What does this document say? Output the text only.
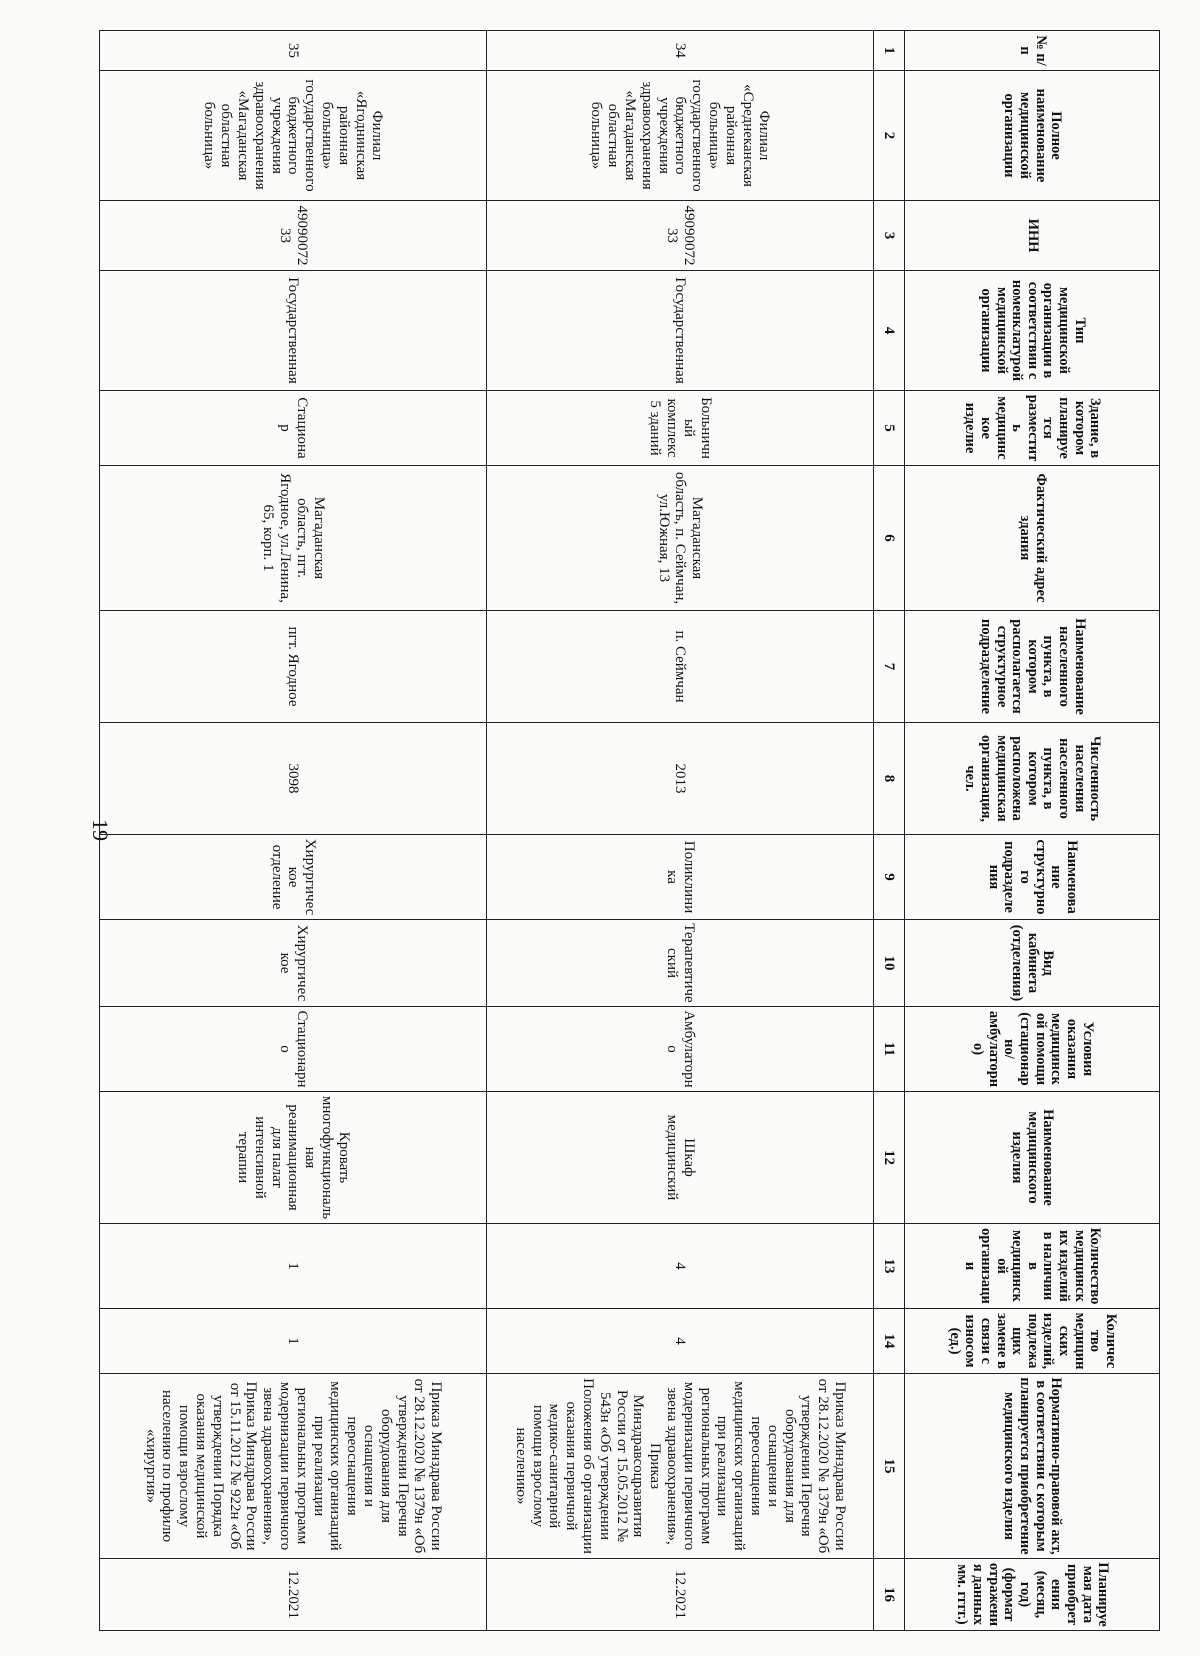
19
№ п/п	Полное наименование медицинской организации	ИНН	Тип медицинской организации в соответствии с номенклатурой медицинской организации	Здание, в котором планируется разместить медицинское изделие	Фактический адрес здания	Наименование населенного пункта, в котором располагается структурное подразделение	Численность населения населенного пункта, в котором расположена медицинская организация, чел.	Наименование структурного подразделения	Вид кабинета (отделения)	Условия оказания медицинской помощи (стационарно/ амбулаторно)	Наименование медицинского изделия	Количество медицинских изделий в наличии в медицинской организации	Количество медицинских изделий, подлежащих замене в связи с износом (ед.)	Нормативно-правовой акт, в соответствии с которым планируется приобретение медицинского изделия	Планируемая дата приобретения (месяц, год) (формат отражения данных мм. гггг.)
1	2	3	4	5	6	7	8	9	10	11	12	13	14	15	16
34	Филиал «Среднеканская районная больница» государственного бюджетного учреждения здравоохранения «Магаданская областная больница»	4909007233	Государственная	Больничный комплекс 5 зданий	Магаданская область, п. Сеймчан, ул.Южная, 13	п. Сеймчан	2013	Поликлиника	Терапевтический	Амбулаторно	Шкаф медицинский	4	4	Приказ Минздрава России от 28.12.2020 № 1379н «Об утверждении Перечня оборудования для оснащения и переоснащения медицинских организаций при реализации региональных программ модернизации первичного звена здравоохранения», Приказ Минздравсоцразвития России от 15.05.2012 № 543н «Об утверждении Положения об организации оказания первичной медико-санитарной помощи взрослому населению»	12.2021
35	Филиал «Ягоднинская районная больница» государственного бюджетного учреждения здравоохранения «Магаданская областная больница»	4909007233	Государственная	Стационар	Магаданская область, пгт. Ягодное, ул.Ленина, 65, корп. 1	пгт. Ягодное	3098	Хирургическое отделение	Хирургическое	Стационарно	Кровать многофункциональная реанимационная для палат интенсивной терапии	1	1	Приказ Минздрава России от 28.12.2020 № 1379н «Об утверждении Перечня оборудования для оснащения и переоснащения медицинских организаций при реализации региональных программ модернизации первичного звена здравоохранения», Приказ Минздрава России от 15.11.2012 № 922н «Об утверждении Порядка оказания медицинской помощи взрослому населению по профилю «хирургия»	12.2021
